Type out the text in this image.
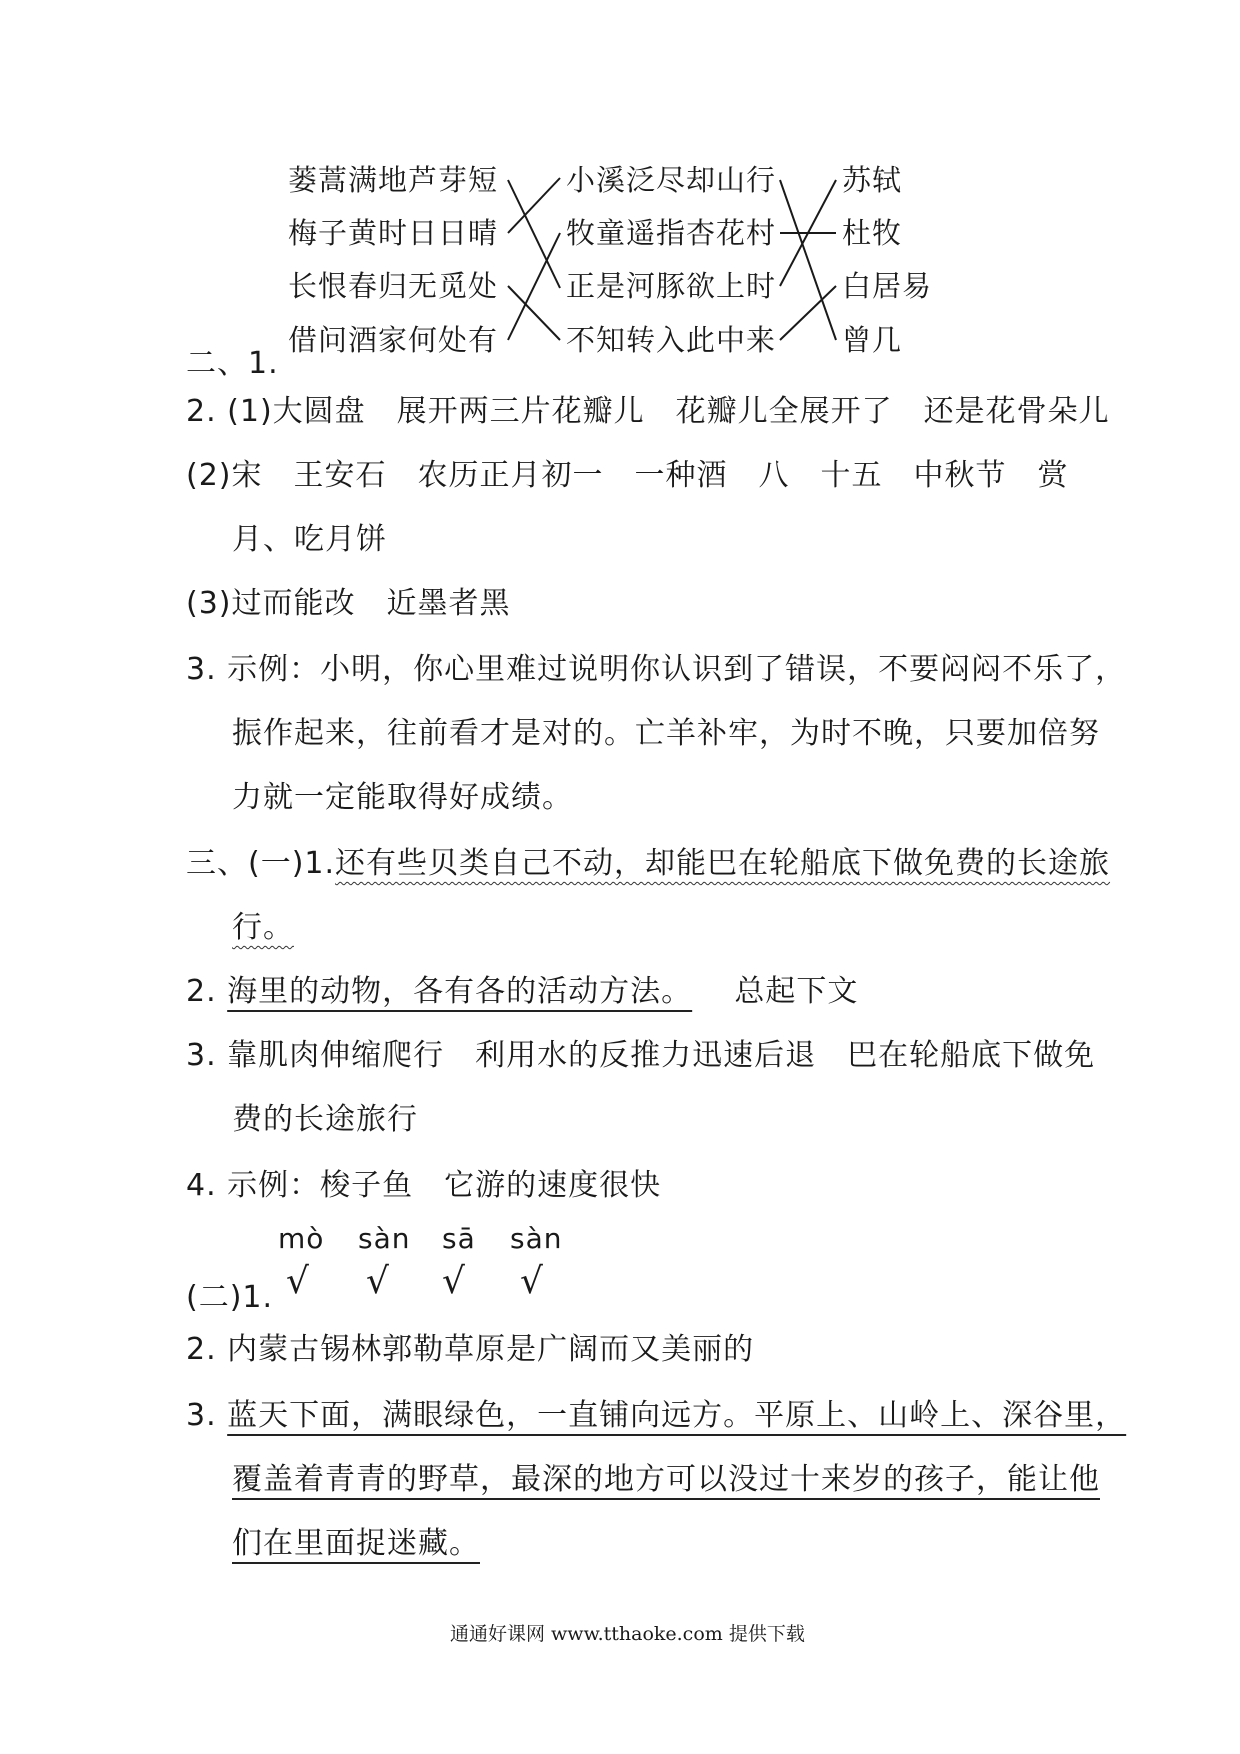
蒌蒿满地芦芽短
梅子黄时日日晴
长恨春归无觅处
借问酒家何处有
小溪泛尽却山行
牧童遥指杏花村
正是河豚欲上时
不知转入此中来
苏轼
杜牧
白居易
曾几
二、1.
2. (1)大圆盘　展开两三片花瓣儿　花瓣儿全展开了　还是花骨朵儿
(2)宋　王安石　农历正月初一　一种酒　八　十五　中秋节　赏
月、吃月饼
(3)过而能改　近墨者黑
3. 示例：小明，你心里难过说明你认识到了错误，不要闷闷不乐了，
振作起来，往前看才是对的。亡羊补牢，为时不晚，只要加倍努
力就一定能取得好成绩。
三、(一)1.还有些贝类自己不动，却能巴在轮船底下做免费的长途旅
行。
2. 海里的动物，各有各的活动方法。 总起下文
3. 靠肌肉伸缩爬行　利用水的反推力迅速后退　巴在轮船底下做免
费的长途旅行
4. 示例：梭子鱼　它游的速度很快
mò sàn sā sàn
√ √ √ √
(二)1.
2. 内蒙古锡林郭勒草原是广阔而又美丽的
3. 蓝天下面，满眼绿色，一直铺向远方。平原上、山岭上、深谷里，
覆盖着青青的野草，最深的地方可以没过十来岁的孩子，能让他
们在里面捉迷藏。
通通好课网 www.tthaoke.com 提供下载
